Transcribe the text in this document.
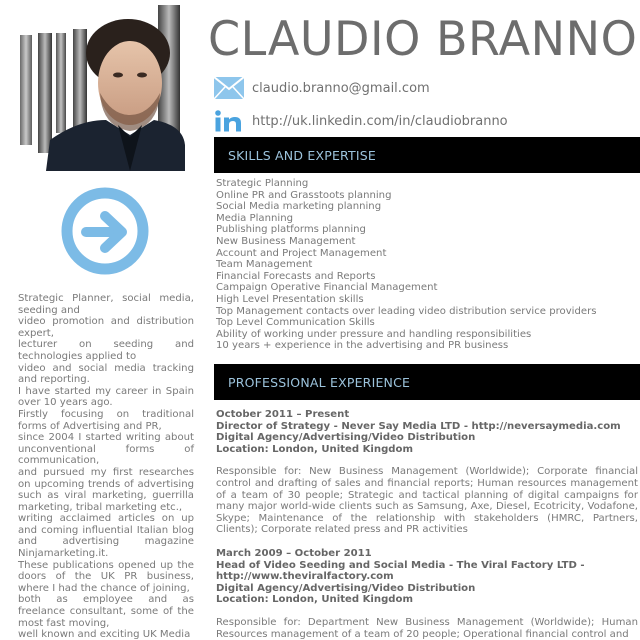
Strategic Planner, social media, seeding and

video promotion and distribution expert,

lecturer on seeding and technologies applied to

video and social media tracking and reporting.

I have started my career in Spain over 10 years ago.

Firstly focusing on traditional forms of Advertising and PR,

since 2004 I started writing about unconventional forms of communication,

and pursued my first researches on upcoming trends of advertising such as viral marketing, guerrilla marketing, tribal marketing etc.,

writing acclaimed articles on up and coming influential Italian blog and advertising magazine Ninjamarketing.it.

These publications opened up the doors of the UK PR business, where I had the chance of joining,

both as employee and as freelance consultant, some of the most fast moving,

well known and exciting UK Media

CLAUDIO BRANNO
claudio.branno@gmail.com
http://uk.linkedin.com/in/claudiobranno
SKILLS AND EXPERTISE
Strategic Planning
Online PR and Grasstoots planning
Social Media marketing planning
Media Planning
Publishing platforms planning
New Business Management
Account and Project Management
Team Management
Financial Forecasts and Reports
Campaign Operative Financial Management
High Level Presentation skills
Top Management contacts over leading video distribution service providers
Top Level Communication Skills
Ability of working under pressure and handling responsibilities
10 years + experience in the advertising and PR business
PROFESSIONAL EXPERIENCE
October 2011 – Present
Director of Strategy - Never Say Media LTD - http://neversaymedia.com
Digital Agency/Advertising/Video Distribution
Location: London, United Kingdom
Responsible for: New Business Management (Worldwide); Corporate financial control and drafting of sales and financial reports; Human resources management of a team of 30 people; Strategic and tactical planning of digital campaigns for many major world-wide clients such as Samsung, Axe, Diesel, Ecotricity, Vodafone, Skype; Maintenance of the relationship with stakeholders (HMRC, Partners, Clients); Corporate related press and PR activities
March 2009 – October 2011
Head of Video Seeding and Social Media - The Viral Factory LTD -
http://www.theviralfactory.com
Digital Agency/Advertising/Video Distribution
Location: London, United Kingdom
Responsible for: Department New Business Management (Worldwide); Human Resources management of a team of 20 people; Operational financial control and
